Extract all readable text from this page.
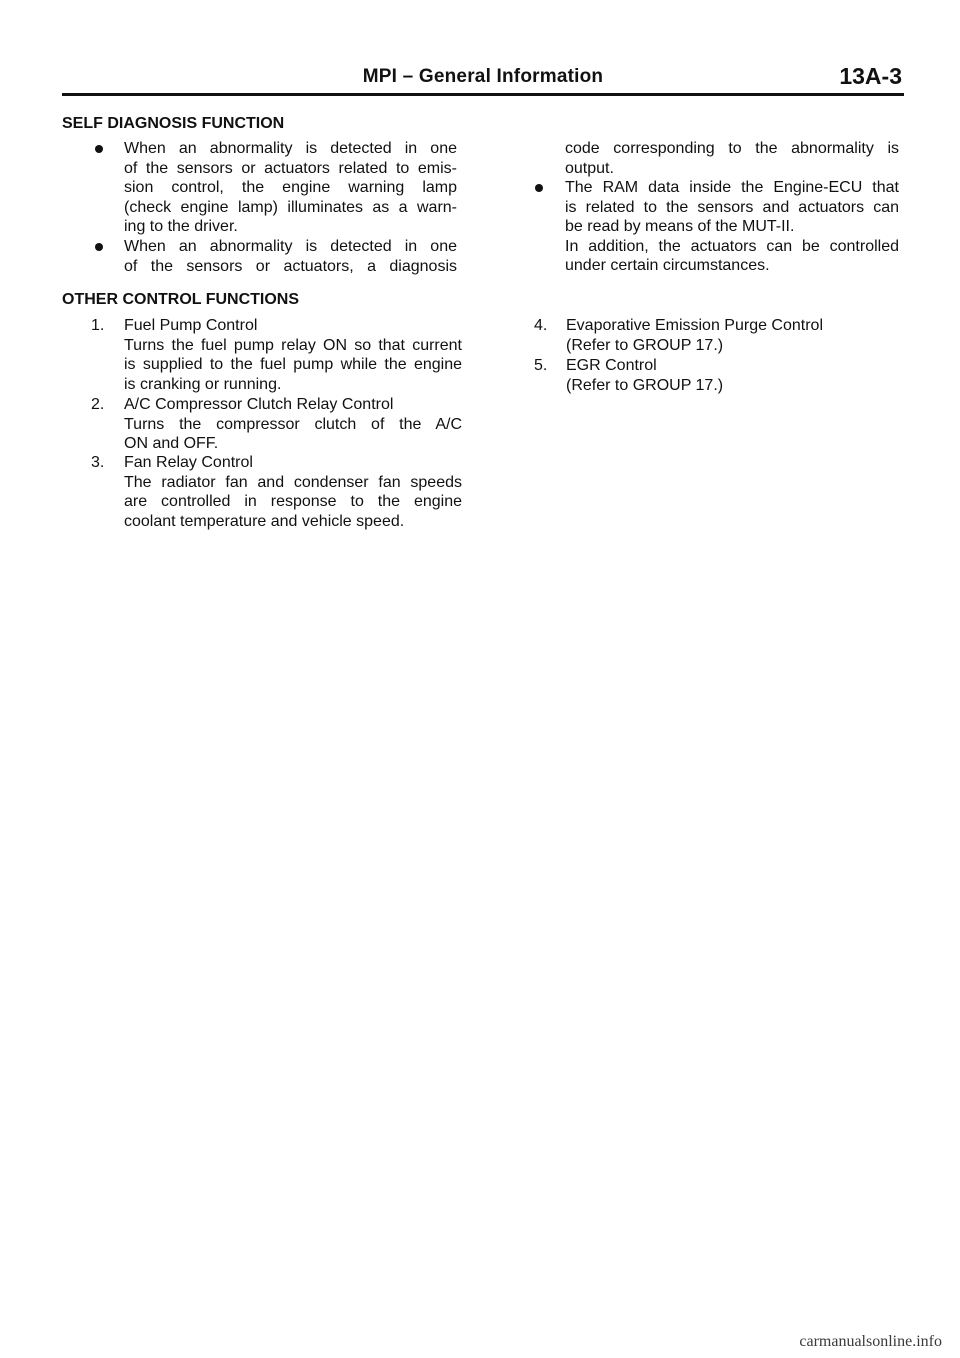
MPI – General Information	13A-3
SELF DIAGNOSIS FUNCTION
When an abnormality is detected in one
of the sensors or actuators related to emis-
sion control, the engine warning lamp
(check engine lamp) illuminates as a warn-
ing to the driver.
When an abnormality is detected in one
of the sensors or actuators, a diagnosis
code corresponding to the abnormality is
output.
The RAM data inside the Engine-ECU that
is related to the sensors and actuators can
be read by means of the MUT-II.
In addition, the actuators can be controlled
under certain circumstances.
OTHER CONTROL FUNCTIONS
1. Fuel Pump Control
Turns the fuel pump relay ON so that current
is supplied to the fuel pump while the engine
is cranking or running.
2. A/C Compressor Clutch Relay Control
Turns the compressor clutch of the A/C
ON and OFF.
3. Fan Relay Control
The radiator fan and condenser fan speeds
are controlled in response to the engine
coolant temperature and vehicle speed.
4. Evaporative Emission Purge Control
(Refer to GROUP 17.)
5. EGR Control
(Refer to GROUP 17.)
carmanualsonline.info
